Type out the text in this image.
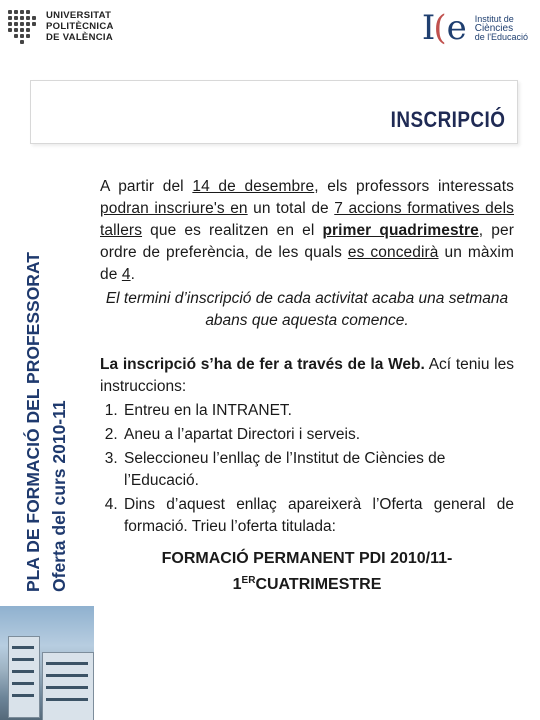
UNIVERSITAT
POLITÈCNICA
DE VALÈNCIA	I
( e Institut de
Ciències
de l'Educació
INSCRIPCIÓ
PLA DE FORMACIÓ DEL PROFESSORAT Oferta del curs 2010-11
A partir del 14 de desembre, els professors interessats podran inscriure's en un total de 7 accions formatives dels tallers que es realitzen en el primer quadrimestre, per ordre de preferència, de les quals es concedirà un màxim de 4.
El termini d’inscripció de cada activitat acaba una setmana abans que aquesta comence.
La inscripció s’ha de fer a través de la Web. Ací teniu les instruccions:
1. Entreu en la INTRANET.
2. Aneu a l’apartat Directori i serveis.
3. Seleccioneu l’enllaç de l’Institut de Ciències de l’Educació.
4. Dins d’aquest enllaç apareixerà l’Oferta general de formació. Trieu l’oferta titulada:
FORMACIÓ PERMANENT PDI 2010/11-
1ERCUATRIMESTRE
